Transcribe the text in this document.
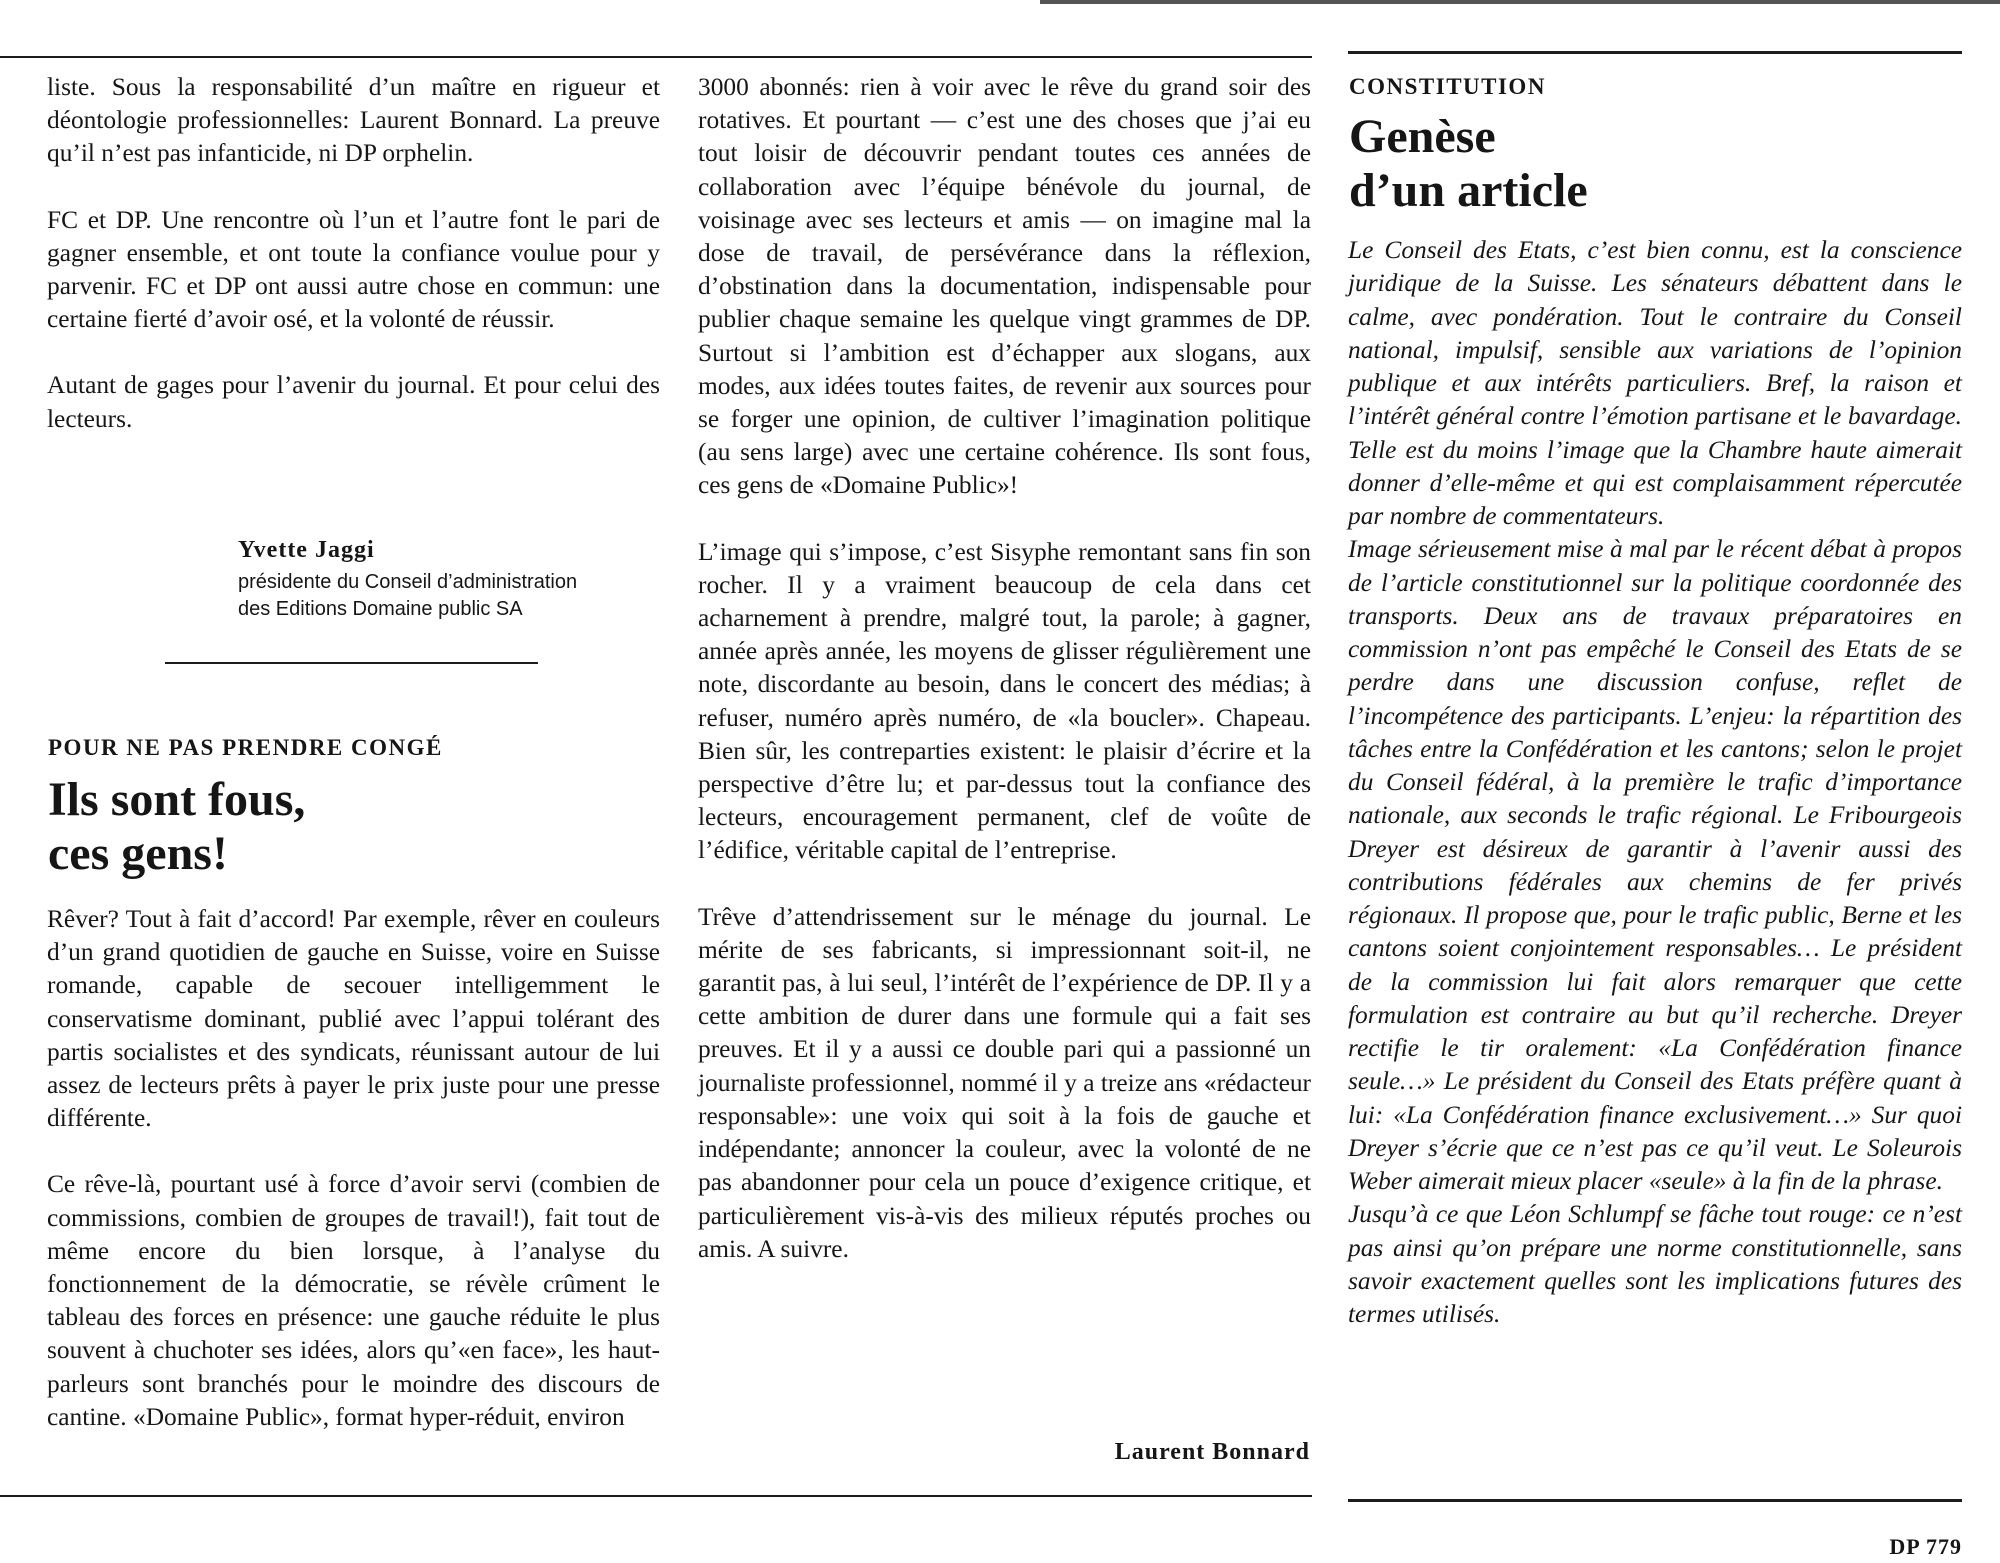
liste. Sous la responsabilité d’un maître en rigueur et déontologie professionnelles: Laurent Bonnard. La preuve qu’il n’est pas infanticide, ni DP orphelin.

FC et DP. Une rencontre où l’un et l’autre font le pari de gagner ensemble, et ont toute la confiance voulue pour y parvenir. FC et DP ont aussi autre chose en commun: une certaine fierté d’avoir osé, et la volonté de réussir.

Autant de gages pour l’avenir du journal. Et pour celui des lecteurs.

Yvette Jaggi
présidente du Conseil d’administration
des Editions Domaine public SA
POUR NE PAS PRENDRE CONGÉ
Ils sont fous,
ces gens!

Rêver? Tout à fait d’accord! Par exemple, rêver en couleurs d’un grand quotidien de gauche en Suisse, voire en Suisse romande, capable de secouer intelligemment le conservatisme dominant, publié avec l’appui tolérant des partis socialistes et des syndicats, réunissant autour de lui assez de lecteurs prêts à payer le prix juste pour une presse différente.

Ce rêve-là, pourtant usé à force d’avoir servi (combien de commissions, combien de groupes de travail!), fait tout de même encore du bien lorsque, à l’analyse du fonctionnement de la démocratie, se révèle crûment le tableau des forces en présence: une gauche réduite le plus souvent à chuchoter ses idées, alors qu’«en face», les haut-parleurs sont branchés pour le moindre des discours de cantine. «Domaine Public», format hyper-réduit, environ

3000 abonnés: rien à voir avec le rêve du grand soir des rotatives. Et pourtant — c’est une des choses que j’ai eu tout loisir de découvrir pendant toutes ces années de collaboration avec l’équipe bénévole du journal, de voisinage avec ses lecteurs et amis — on imagine mal la dose de travail, de persévérance dans la réflexion, d’obstination dans la documentation, indispensable pour publier chaque semaine les quelque vingt grammes de DP. Surtout si l’ambition est d’échapper aux slogans, aux modes, aux idées toutes faites, de revenir aux sources pour se forger une opinion, de cultiver l’imagination politique (au sens large) avec une certaine cohérence. Ils sont fous, ces gens de «Domaine Public»!

L’image qui s’impose, c’est Sisyphe remontant sans fin son rocher. Il y a vraiment beaucoup de cela dans cet acharnement à prendre, malgré tout, la parole; à gagner, année après année, les moyens de glisser régulièrement une note, discordante au besoin, dans le concert des médias; à refuser, numéro après numéro, de «la boucler». Chapeau. Bien sûr, les contreparties existent: le plaisir d’écrire et la perspective d’être lu; et par-dessus tout la confiance des lecteurs, encouragement permanent, clef de voûte de l’édifice, véritable capital de l’entreprise.

Trêve d’attendrissement sur le ménage du journal. Le mérite de ses fabricants, si impressionnant soit-il, ne garantit pas, à lui seul, l’intérêt de l’expérience de DP. Il y a cette ambition de durer dans une formule qui a fait ses preuves. Et il y a aussi ce double pari qui a passionné un journaliste professionnel, nommé il y a treize ans «rédacteur responsable»: une voix qui soit à la fois de gauche et indépendante; annoncer la couleur, avec la volonté de ne pas abandonner pour cela un pouce d’exigence critique, et particulièrement vis-à-vis des milieux réputés proches ou amis. A suivre.

Laurent Bonnard
CONSTITUTION
Genèse
d’un article

Le Conseil des Etats, c’est bien connu, est la conscience juridique de la Suisse. Les sénateurs débattent dans le calme, avec pondération. Tout le contraire du Conseil national, impulsif, sensible aux variations de l’opinion publique et aux intérêts particuliers. Bref, la raison et l’intérêt général contre l’émotion partisane et le bavardage. Telle est du moins l’image que la Chambre haute aimerait donner d’elle-même et qui est complaisamment répercutée par nombre de commentateurs.

Image sérieusement mise à mal par le récent débat à propos de l’article constitutionnel sur la politique coordonnée des transports. Deux ans de travaux préparatoires en commission n’ont pas empêché le Conseil des Etats de se perdre dans une discussion confuse, reflet de l’incompétence des participants. L’enjeu: la répartition des tâches entre la Confédération et les cantons; selon le projet du Conseil fédéral, à la première le trafic d’importance nationale, aux seconds le trafic régional. Le Fribourgeois Dreyer est désireux de garantir à l’avenir aussi des contributions fédérales aux chemins de fer privés régionaux. Il propose que, pour le trafic public, Berne et les cantons soient conjointement responsables… Le président de la commission lui fait alors remarquer que cette formulation est contraire au but qu’il recherche. Dreyer rectifie le tir oralement: «La Confédération finance seule…» Le président du Conseil des Etats préfère quant à lui: «La Confédération finance exclusivement…» Sur quoi Dreyer s’écrie que ce n’est pas ce qu’il veut. Le Soleurois Weber aimerait mieux placer «seule» à la fin de la phrase.

Jusqu’à ce que Léon Schlumpf se fâche tout rouge: ce n’est pas ainsi qu’on prépare une norme constitutionnelle, sans savoir exactement quelles sont les implications futures des termes utilisés.

DP 779
